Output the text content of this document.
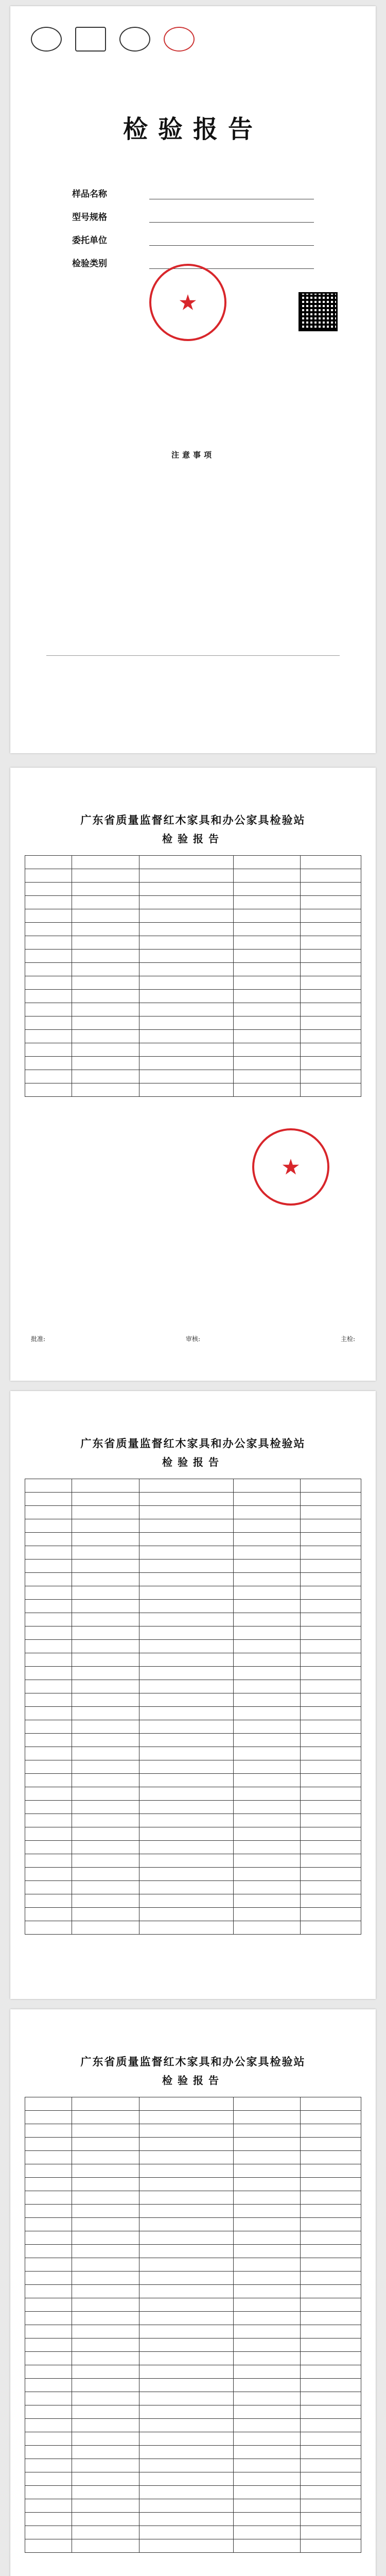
检验报告
样品名称
型号规格
委托单位
检验类别
★
注意事项
广东省质量监督红木家具和办公家具检验站
检验报告

★
批准:	审核:	主检:
广东省质量监督红木家具和办公家具检验站
检验报告

广东省质量监督红木家具和办公家具检验站
检验报告
